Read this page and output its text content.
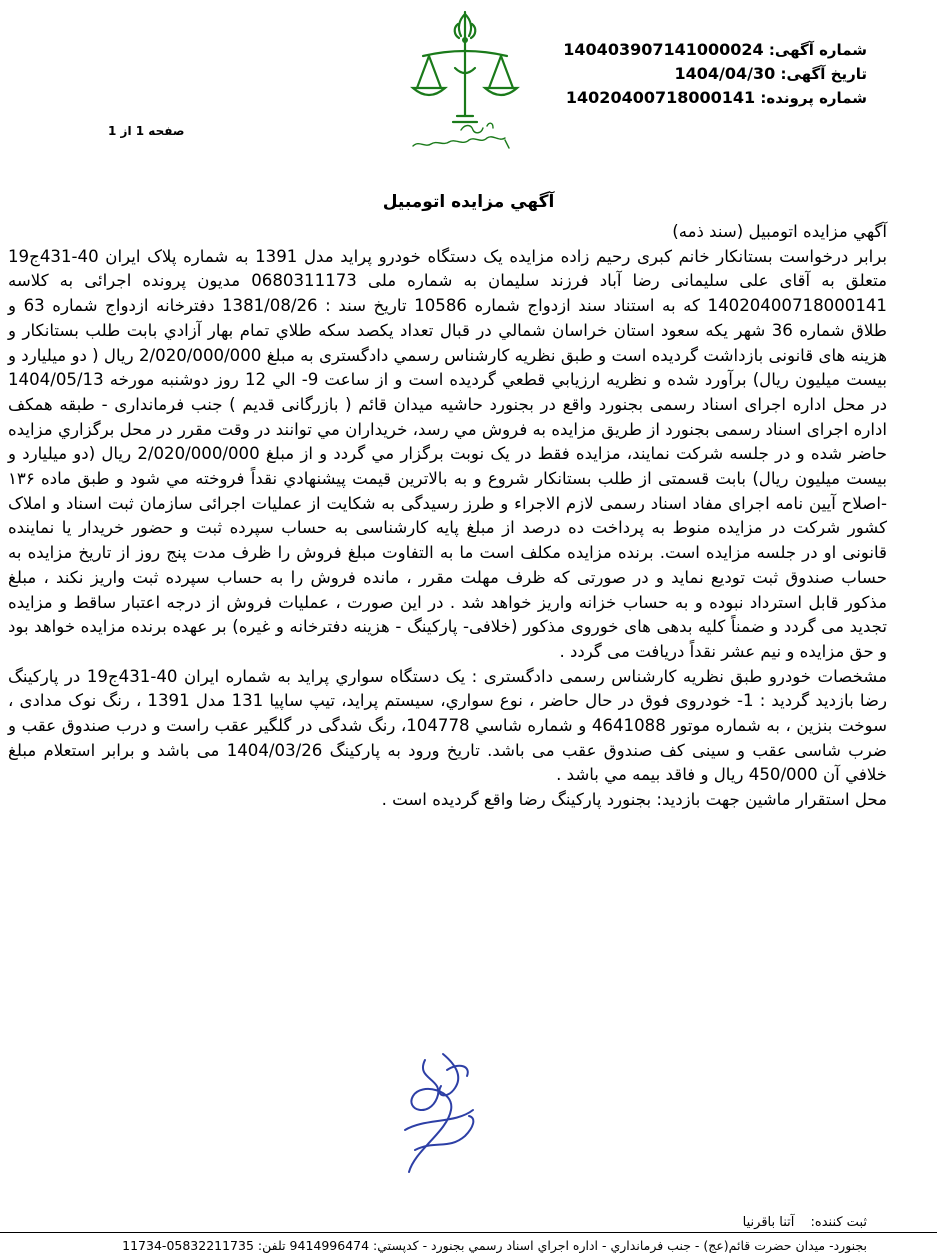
شماره آگهی: 140403907141000024
تاریخ آگهی: 1404/04/30
شماره پرونده: 14020400718000141
صفحه 1 از 1
آگهي مزايده اتومبيل

آگهي مزايده اتومبيل (سند ذمه)

برابر درخواست بستانکار خانم کبری رحیم زاده مزایده یک دستگاه خودرو پراید مدل 1391 به شماره پلاک ایران 40-431ج19 متعلق به آقای علی سلیمانی رضا آباد فرزند سلیمان به شماره ملی 0680311173 مدیون پرونده اجرائی به کلاسه 14020400718000141 که به استناد سند ازدواج شماره 10586 تاریخ سند : 1381/08/26 دفترخانه ازدواج شماره 63 و طلاق شماره 36 شهر یکه سعود استان خراسان شمالي در قبال تعداد یکصد سکه طلاي تمام بهار آزادي بابت طلب بستانکار و هزینه های قانونی بازداشت گردیده است و طبق نظریه کارشناس رسمي دادگستری به مبلغ 2/020/000/000 ريال ( دو میلیارد و بيست ميليون ريال) برآورد شده و نظريه ارزيابي قطعي گرديده است و از ساعت 9- الي 12 روز دوشنبه مورخه 1404/05/13 در محل اداره اجرای اسناد رسمی بجنورد واقع در بجنورد حاشیه میدان قائم ( بازرگانی قدیم ) جنب فرمانداری - طبقه همکف اداره اجرای اسناد رسمی بجنورد از طريق مزايده به فروش مي رسد، خريداران مي توانند در وقت مقرر در محل برگزاري مزايده حاضر شده و در جلسه شركت نمايند، مزايده فقط در يک نوبت برگزار مي گردد و از مبلغ 2/020/000/000 ريال (دو ميليارد و بيست ميليون ريال) بابت قسمتی از طلب بستانکار شروع و به بالاترين قيمت پيشنهادي نقداً فروخته مي شود و طبق ماده ۱۳۶ -اصلاح آيين نامه اجرای مفاد اسناد رسمی لازم الاجراء و طرز رسيدگی به شکايت از عمليات اجرائی سازمان ثبت اسناد و املاک کشور شرکت در مزايده منوط به پرداخت ده درصد از مبلغ پايه کارشناسی به حساب سپرده ثبت و حضور خريدار يا نماينده قانونی او در جلسه مزايده است. برنده مزايده مکلف است ما به التفاوت مبلغ فروش را ظرف مدت پنج روز از تاريخ مزايده به حساب صندوق ثبت توديع نمايد و در صورتی که ظرف مهلت مقرر ، مانده فروش را به حساب سپرده ثبت واريز نکند ، مبلغ مذکور قابل استرداد نبوده و به حساب خزانه واريز خواهد شد . در اين صورت ، عمليات فروش از درجه اعتبار ساقط و مزايده تجديد می گردد و ضمناً کليه بدهی های خوروی مذکور (خلافی- پارکینگ - هزینه دفترخانه و غیره) بر عهده برنده مزایده خواهد بود و حق مزایده و نیم عشر نقداً دریافت می گردد .

مشخصات خودرو طبق نظريه كارشناس رسمی دادگستری : یک دستگاه سواري پرايد به شماره ايران 40-431ج19 در پارکینگ رضا بازدید گردید : 1- خودروی فوق در حال حاضر ، نوع سواري، سيستم پرايد، تيپ ساپيا 131 مدل 1391 ، رنگ نوک مدادی ، سوخت بنزين ، به شماره موتور 4641088 و شماره شاسي 104778، رنگ شدگی در گلگیر عقب راست و درب صندوق عقب و ضرب شاسی عقب و سینی کف صندوق عقب می باشد. تاریخ ورود به پارکینگ 1404/03/26 می باشد و برابر استعلام مبلغ خلافي آن 450/000 ريال و فاقد بیمه مي باشد .

محل استقرار ماشين جهت بازديد: بجنورد پاركينگ رضا واقع گرديده است .

ثبت کننده: آتنا باقرنیا
بجنورد- ميدان حضرت قائم(عج) - جنب فرمانداري - اداره اجراي اسناد رسمي بجنورد - کدپستي: 9414996474 تلفن: 05832211735-11734
